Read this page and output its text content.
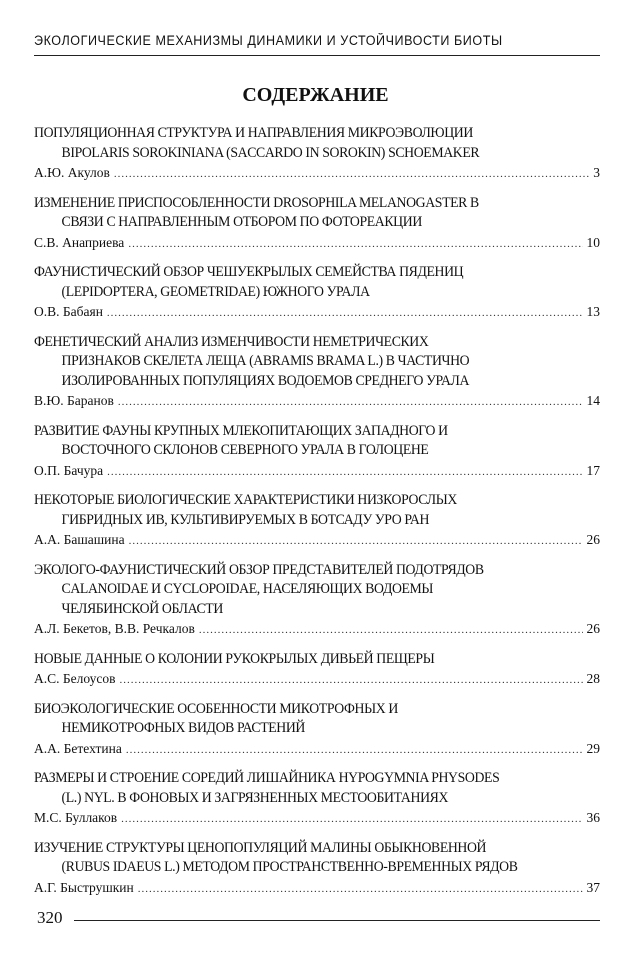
ЭКОЛОГИЧЕСКИЕ МЕХАНИЗМЫ ДИНАМИКИ И УСТОЙЧИВОСТИ БИОТЫ
СОДЕРЖАНИЕ
ПОПУЛЯЦИОННАЯ СТРУКТУРА И НАПРАВЛЕНИЯ МИКРОЭВОЛЮЦИИ
BIPOLARIS SOROKINIANA (SACCARDO IN SOROKIN) SCHOEMAKER
А.Ю. Акулов .....	3
ИЗМЕНЕНИЕ ПРИСПОСОБЛЕННОСТИ DROSOPHILA MELANOGASTER В
СВЯЗИ С НАПРАВЛЕННЫМ ОТБОРОМ ПО ФОТОРЕАКЦИИ
С.В. Анаприева .....	10
ФАУНИСТИЧЕСКИЙ ОБЗОР ЧЕШУЕКРЫЛЫХ СЕМЕЙСТВА ПЯДЕНИЦ
(LEPIDOPTERA, GEOMETRIDAE) ЮЖНОГО УРАЛА
О.В. Бабаян .....	13
ФЕНЕТИЧЕСКИЙ АНАЛИЗ ИЗМЕНЧИВОСТИ НЕМЕТРИЧЕСКИХ
ПРИЗНАКОВ СКЕЛЕТА ЛЕЩА (ABRAMIS BRAMA L.) В ЧАСТИЧНО
ИЗОЛИРОВАННЫХ ПОПУЛЯЦИЯХ ВОДОЕМОВ СРЕДНЕГО УРАЛА
В.Ю. Баранов .....	14
РАЗВИТИЕ ФАУНЫ КРУПНЫХ МЛЕКОПИТАЮЩИХ ЗАПАДНОГО И
ВОСТОЧНОГО СКЛОНОВ СЕВЕРНОГО УРАЛА В ГОЛОЦЕНЕ
О.П. Бачура .....	17
НЕКОТОРЫЕ БИОЛОГИЧЕСКИЕ ХАРАКТЕРИСТИКИ НИЗКОРОСЛЫХ
ГИБРИДНЫХ ИВ, КУЛЬТИВИРУЕМЫХ В БОТСАДУ УРО РАН
А.А. Башашина .....	26
ЭКОЛОГО-ФАУНИСТИЧЕСКИЙ ОБЗОР ПРЕДСТАВИТЕЛЕЙ ПОДОТРЯДОВ
CALANOIDAE И CYCLOPOIDAE, НАСЕЛЯЮЩИХ ВОДОЕМЫ
ЧЕЛЯБИНСКОЙ ОБЛАСТИ
А.Л. Бекетов, В.В. Речкалов .....	26
НОВЫЕ ДАННЫЕ О КОЛОНИИ РУКОКРЫЛЫХ ДИВЬЕЙ ПЕЩЕРЫ
А.С. Белоусов .....	28
БИОЭКОЛОГИЧЕСКИЕ ОСОБЕННОСТИ МИКОТРОФНЫХ И
НЕМИКОТРОФНЫХ ВИДОВ РАСТЕНИЙ
А.А. Бетехтина .....	29
РАЗМЕРЫ И СТРОЕНИЕ СОРЕДИЙ ЛИШАЙНИКА HYPOGYMNIA PHYSODES
(L.) NYL. В ФОНОВЫХ И ЗАГРЯЗНЕННЫХ МЕСТООБИТАНИЯХ
М.С. Буллаков .....	36
ИЗУЧЕНИЕ СТРУКТУРЫ ЦЕНОПОПУЛЯЦИЙ МАЛИНЫ ОБЫКНОВЕННОЙ
(RUBUS IDAEUS L.) МЕТОДОМ ПРОСТРАНСТВЕННО-ВРЕМЕННЫХ РЯДОВ
А.Г. Быструшкин .....	37
320
